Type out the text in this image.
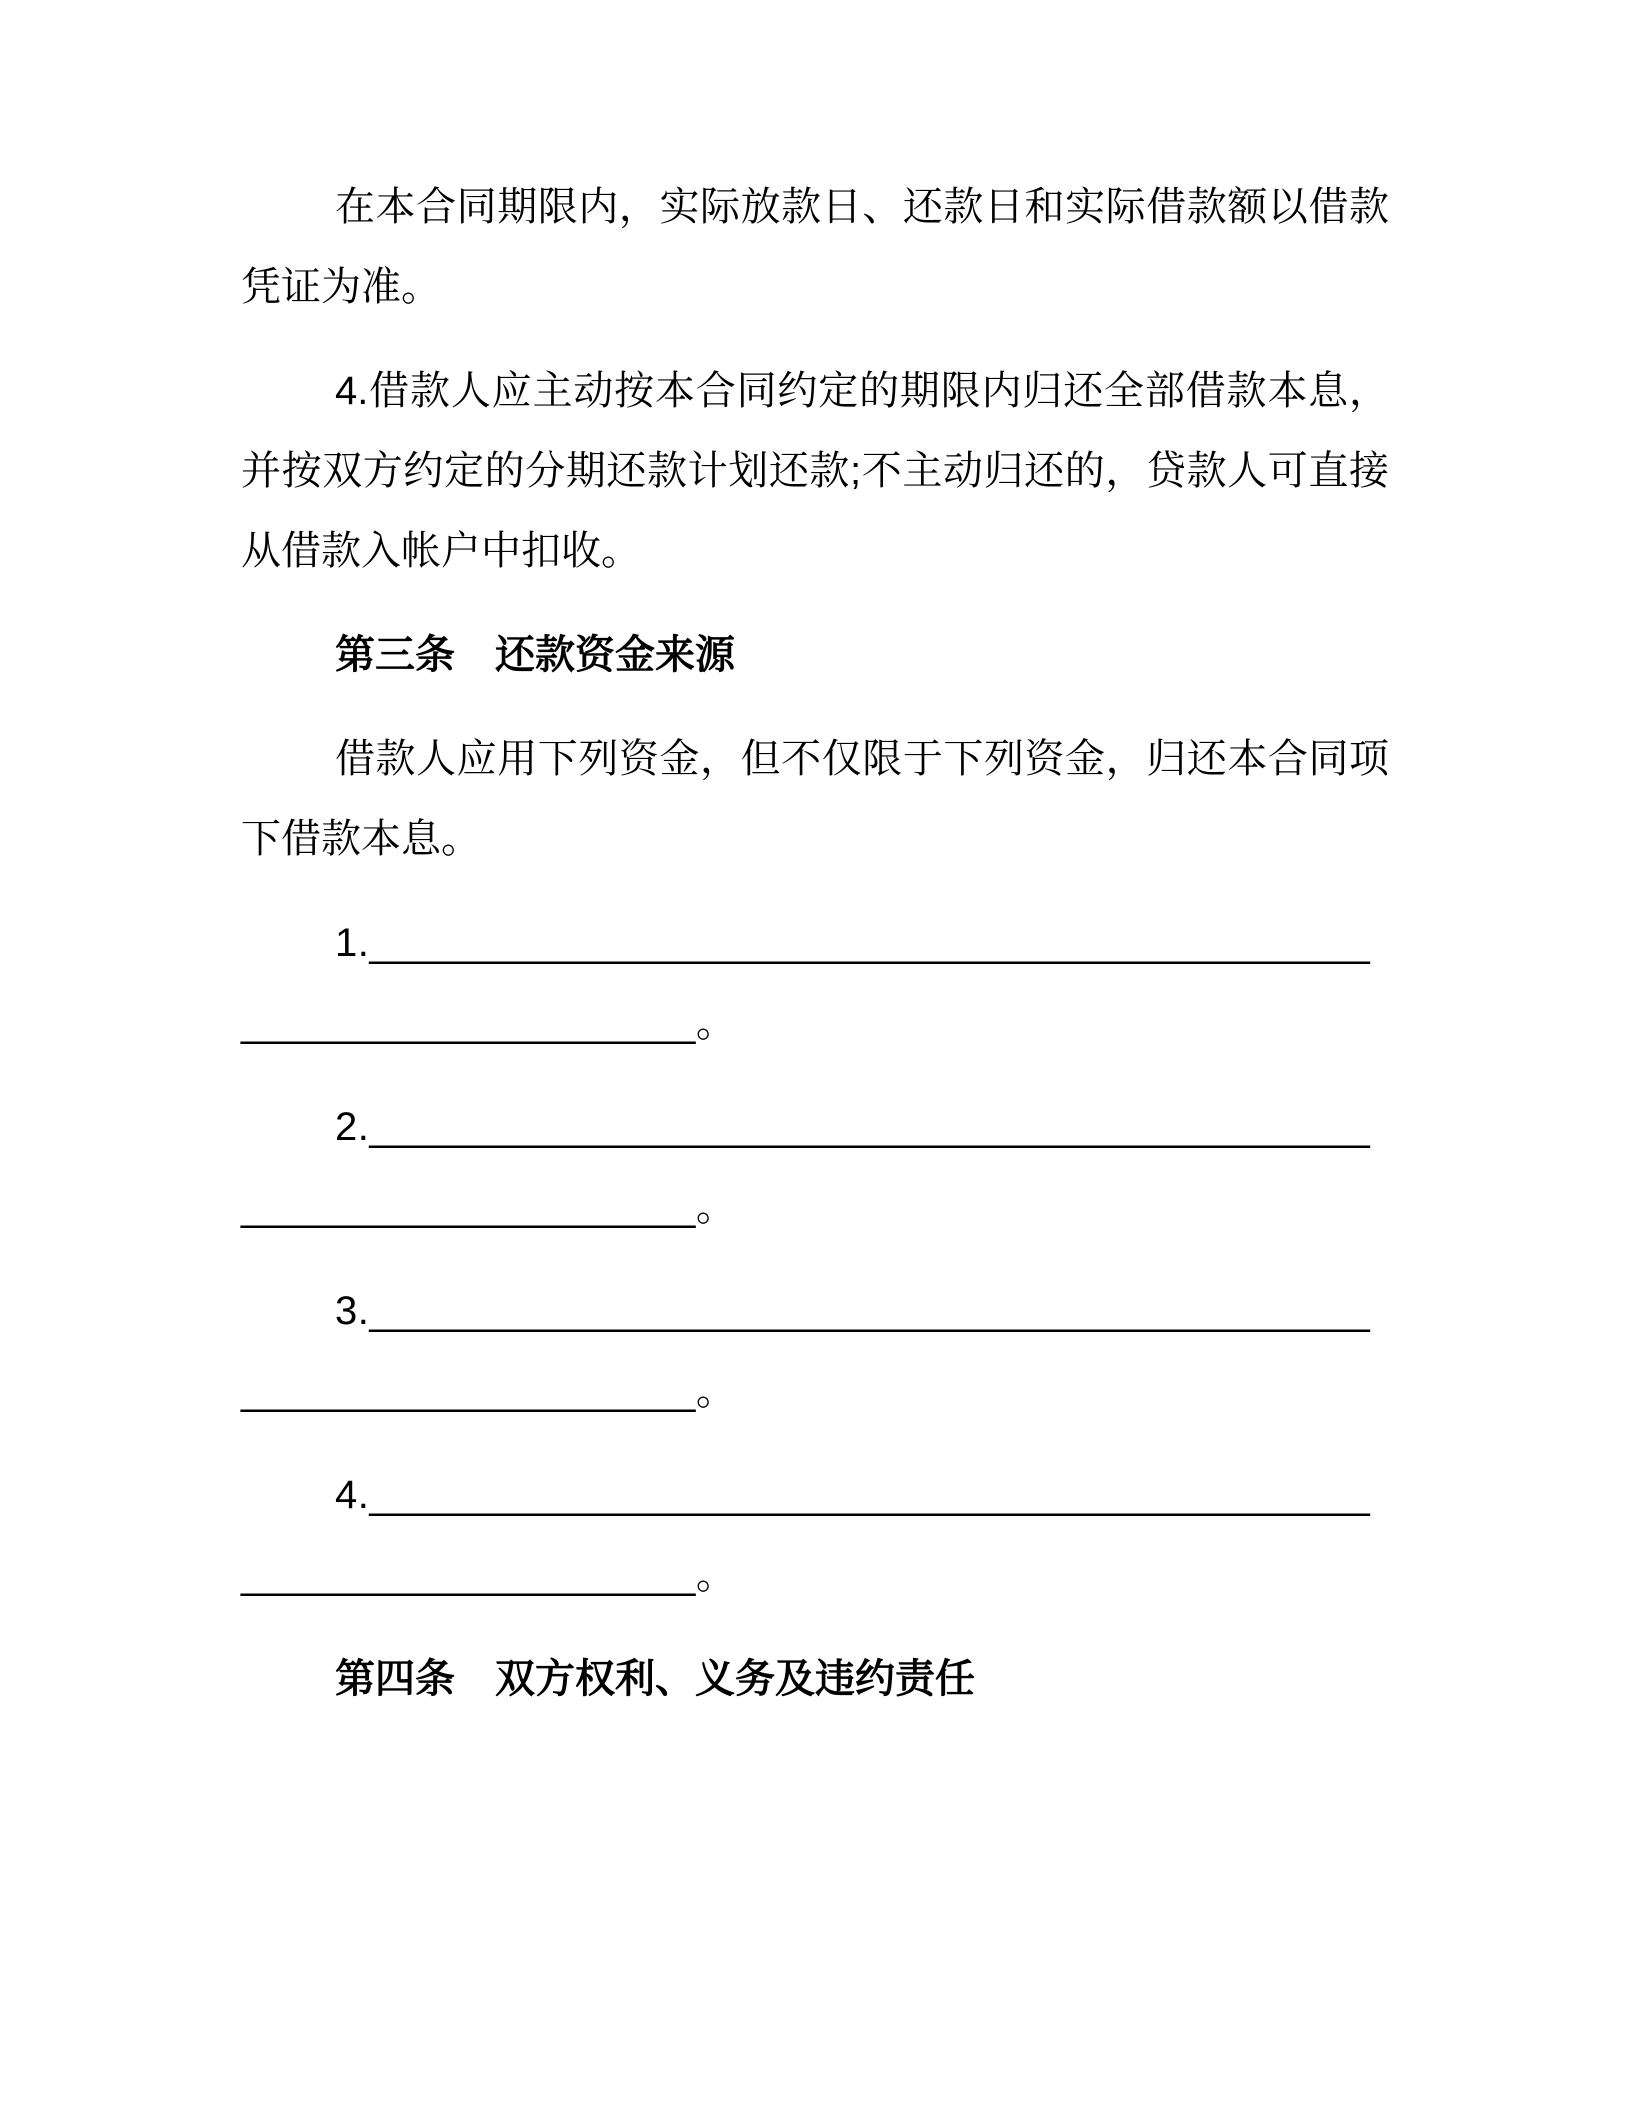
在本合同期限内，实际放款日、还款日和实际借款额以借款凭证为准。

4.借款人应主动按本合同约定的期限内归还全部借款本息，并按双方约定的分期还款计划还款;不主动归还的，贷款人可直接从借款入帐户中扣收。

第三条　还款资金来源

借款人应用下列资金，但不仅限于下列资金，归还本合同项下借款本息。

1.________________________________________________________________。

2.________________________________________________________________。

3.________________________________________________________________。

4.________________________________________________________________。

第四条　双方权利、义务及违约责任
